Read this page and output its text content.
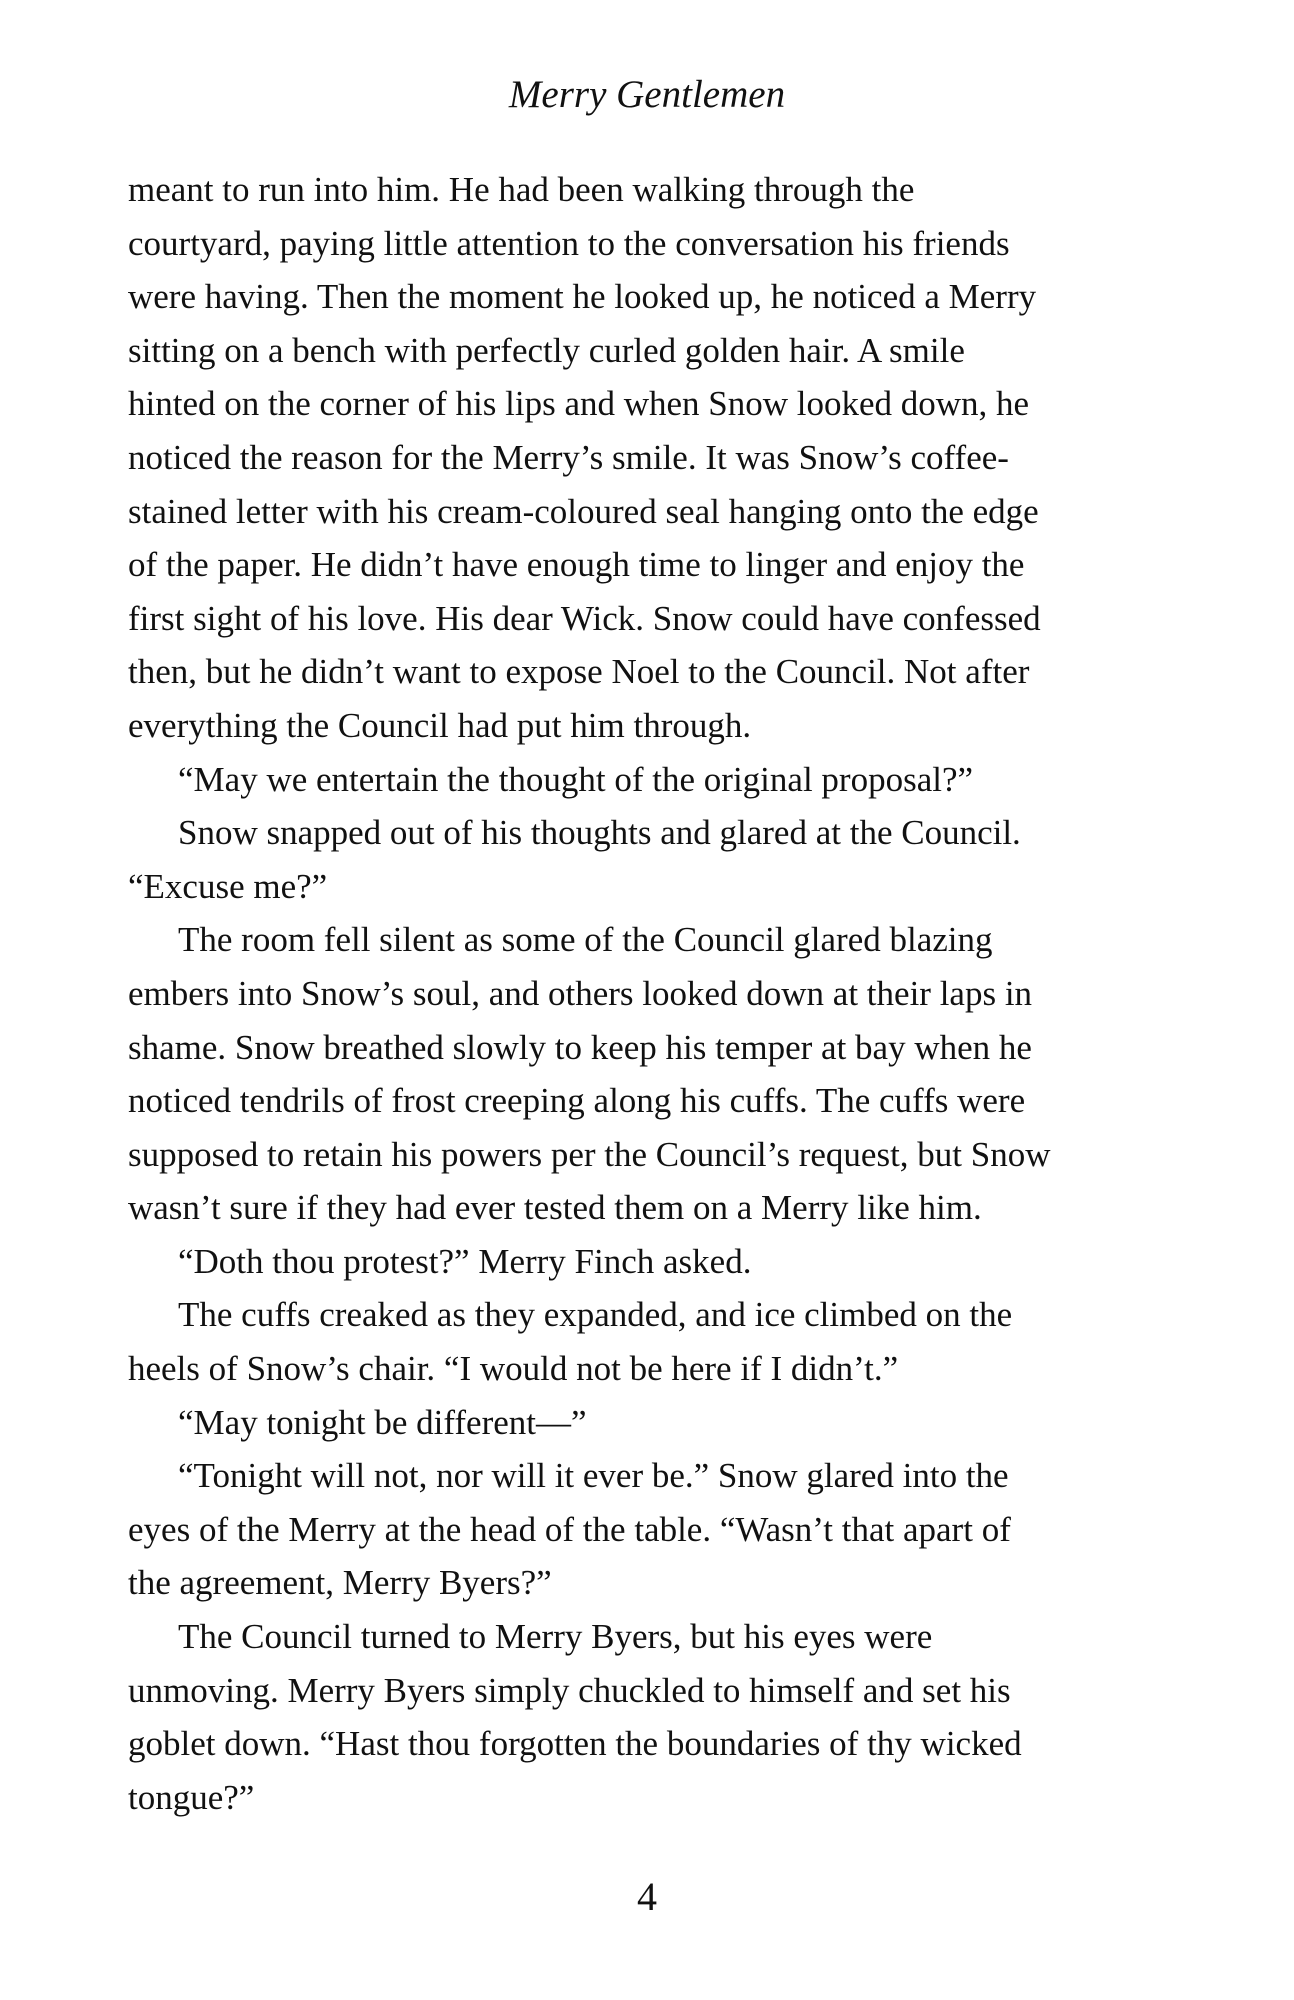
Merry Gentlemen

meant to run into him. He had been walking through the
courtyard, paying little attention to the conversation his friends
were having. Then the moment he looked up, he noticed a Merry
sitting on a bench with perfectly curled golden hair. A smile
hinted on the corner of his lips and when Snow looked down, he
noticed the reason for the Merry’s smile. It was Snow’s coffee-
stained letter with his cream-coloured seal hanging onto the edge
of the paper. He didn’t have enough time to linger and enjoy the
first sight of his love. His dear Wick. Snow could have confessed
then, but he didn’t want to expose Noel to the Council. Not after
everything the Council had put him through.

“May we entertain the thought of the original proposal?”

Snow snapped out of his thoughts and glared at the Council.
“Excuse me?”

The room fell silent as some of the Council glared blazing
embers into Snow’s soul, and others looked down at their laps in
shame. Snow breathed slowly to keep his temper at bay when he
noticed tendrils of frost creeping along his cuffs. The cuffs were
supposed to retain his powers per the Council’s request, but Snow
wasn’t sure if they had ever tested them on a Merry like him.

“Doth thou protest?” Merry Finch asked.

The cuffs creaked as they expanded, and ice climbed on the
heels of Snow’s chair. “I would not be here if I didn’t.”

“May tonight be different—”

“Tonight will not, nor will it ever be.” Snow glared into the
eyes of the Merry at the head of the table. “Wasn’t that apart of
the agreement, Merry Byers?”

The Council turned to Merry Byers, but his eyes were
unmoving. Merry Byers simply chuckled to himself and set his
goblet down. “Hast thou forgotten the boundaries of thy wicked
tongue?”

4
